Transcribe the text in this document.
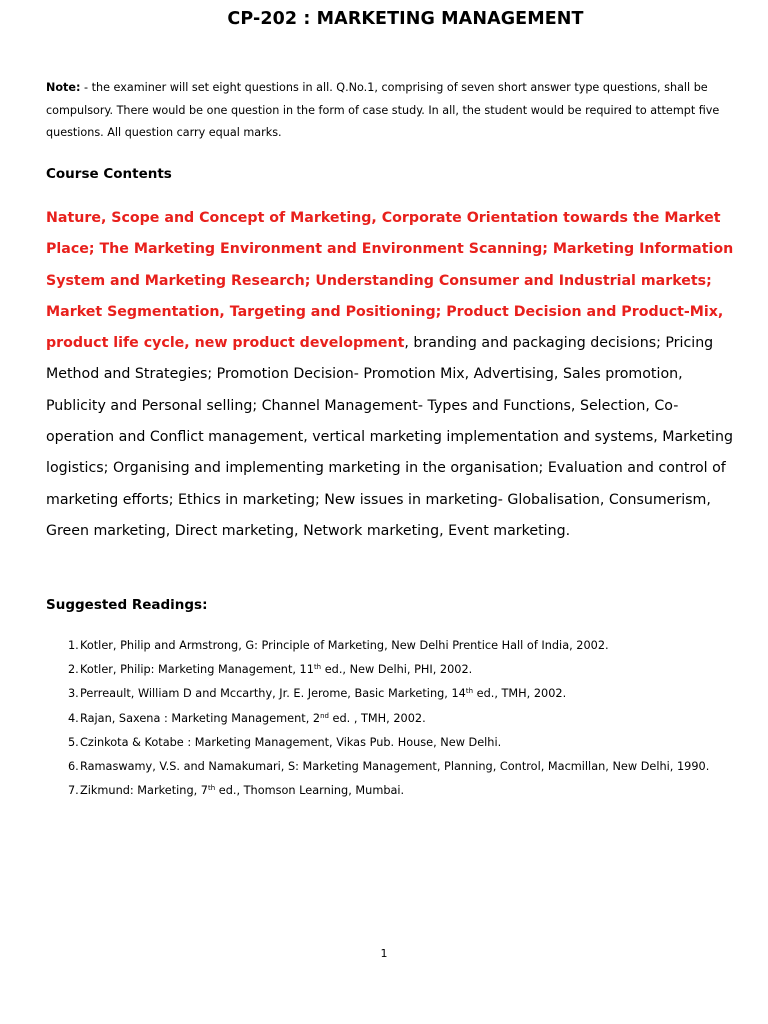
CP-202 : MARKETING MANAGEMENT

Note: - the examiner will set eight questions in all. Q.No.1, comprising of seven short answer type questions, shall be compulsory. There would be one question in the form of case study. In all, the student would be required to attempt five questions. All question carry equal marks.

Course Contents

Nature, Scope and Concept of Marketing, Corporate Orientation towards the Market Place; The Marketing Environment and Environment Scanning; Marketing Information System and Marketing Research; Understanding Consumer and Industrial markets; Market Segmentation, Targeting and Positioning; Product Decision and Product-Mix, product life cycle, new product development, branding and packaging decisions; Pricing Method and Strategies; Promotion Decision- Promotion Mix, Advertising, Sales promotion, Publicity and Personal selling; Channel Management- Types and Functions, Selection, Co-operation and Conflict management, vertical marketing implementation and systems, Marketing logistics; Organising and implementing marketing in the organisation; Evaluation and control of marketing efforts; Ethics in marketing; New issues in marketing- Globalisation, Consumerism, Green marketing, Direct marketing, Network marketing, Event marketing.

Suggested Readings:
1. Kotler, Philip and Armstrong, G: Principle of Marketing, New Delhi Prentice Hall of India, 2002.
2. Kotler, Philip: Marketing Management, 11th ed., New Delhi, PHI, 2002.
3. Perreault, William D and Mccarthy, Jr. E. Jerome, Basic Marketing, 14th ed., TMH, 2002.
4. Rajan, Saxena : Marketing Management, 2nd ed. , TMH, 2002.
5. Czinkota & Kotabe : Marketing Management, Vikas Pub. House, New Delhi.
6. Ramaswamy, V.S. and Namakumari, S: Marketing Management, Planning, Control, Macmillan, New Delhi, 1990.
7. Zikmund: Marketing, 7th ed., Thomson Learning, Mumbai.
1
